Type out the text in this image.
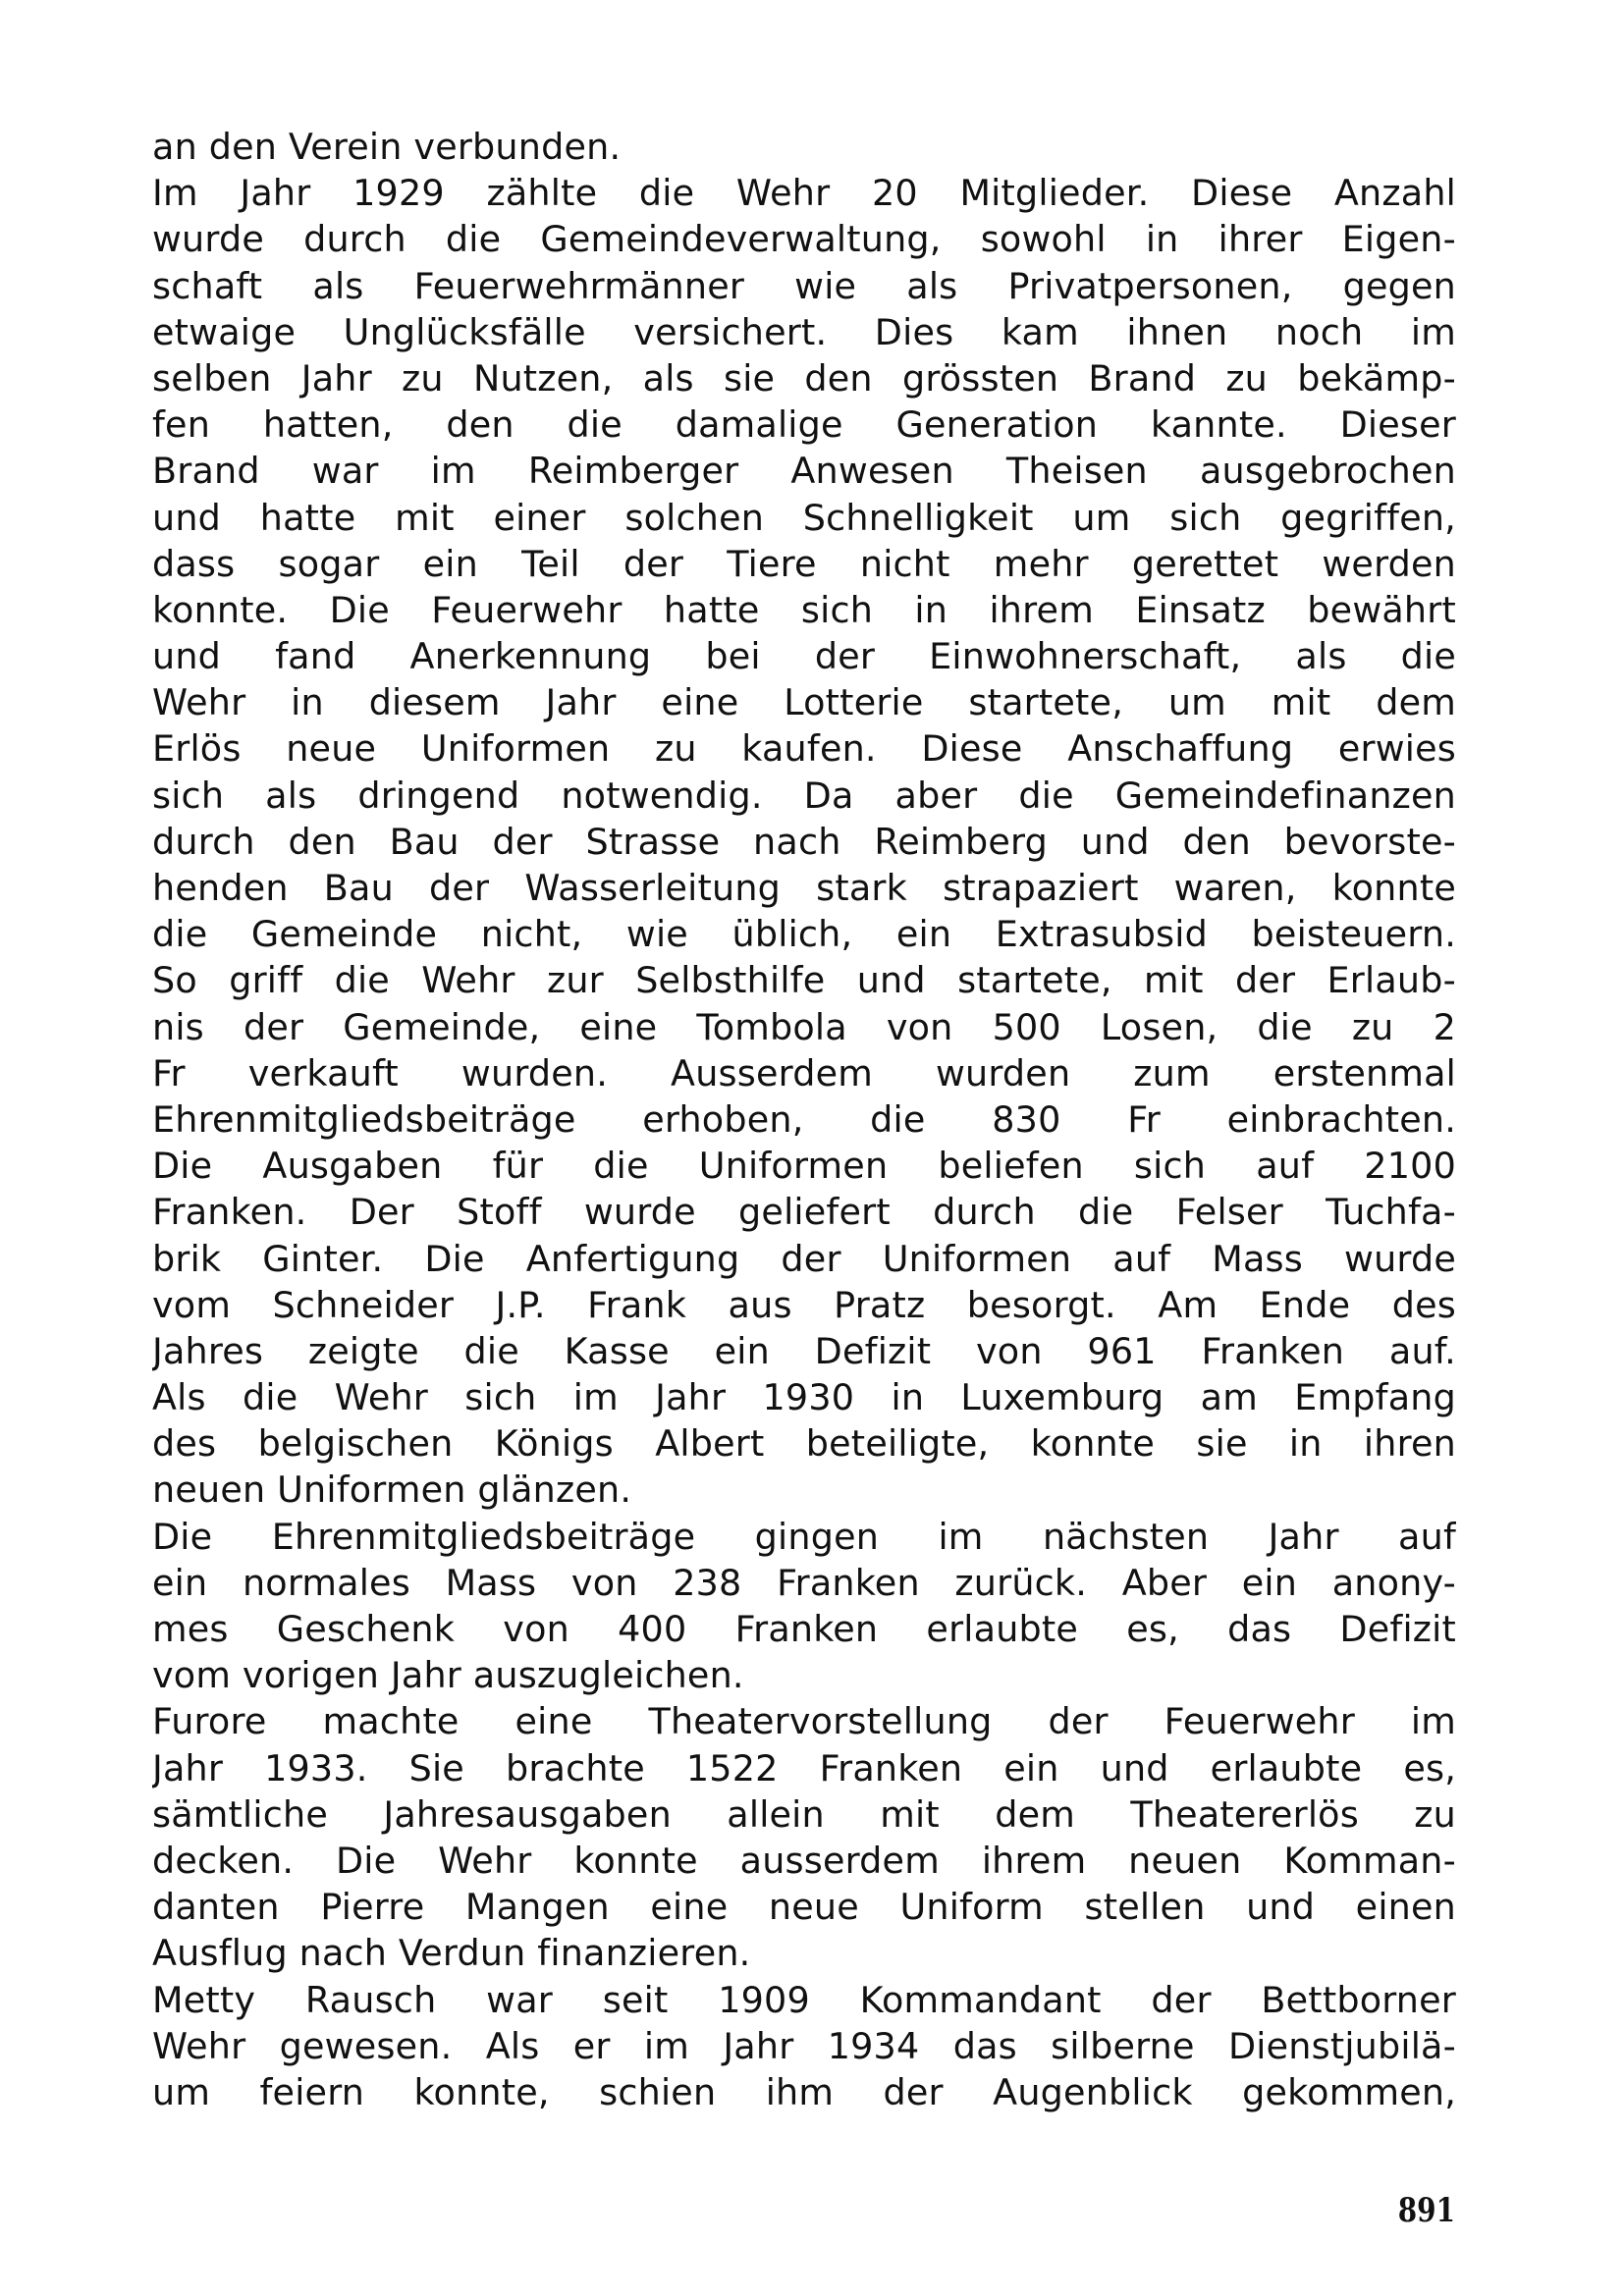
an den Verein verbunden.
Im Jahr 1929 zählte die Wehr 20 Mitglieder. Diese Anzahl
wurde durch die Gemeindeverwaltung, sowohl in ihrer Eigen-
schaft als Feuerwehrmänner wie als Privatpersonen, gegen
etwaige Unglücksfälle versichert. Dies kam ihnen noch im
selben Jahr zu Nutzen, als sie den grössten Brand zu bekämp-
fen hatten, den die damalige Generation kannte. Dieser
Brand war im Reimberger Anwesen Theisen ausgebrochen
und hatte mit einer solchen Schnelligkeit um sich gegriffen,
dass sogar ein Teil der Tiere nicht mehr gerettet werden
konnte. Die Feuerwehr hatte sich in ihrem Einsatz bewährt
und fand Anerkennung bei der Einwohnerschaft, als die
Wehr in diesem Jahr eine Lotterie startete, um mit dem
Erlös neue Uniformen zu kaufen. Diese Anschaffung erwies
sich als dringend notwendig. Da aber die Gemeindefinanzen
durch den Bau der Strasse nach Reimberg und den bevorste-
henden Bau der Wasserleitung stark strapaziert waren, konnte
die Gemeinde nicht, wie üblich, ein Extrasubsid beisteuern.
So griff die Wehr zur Selbsthilfe und startete, mit der Erlaub-
nis der Gemeinde, eine Tombola von 500 Losen, die zu 2
Fr verkauft wurden. Ausserdem wurden zum erstenmal
Ehrenmitgliedsbeiträge erhoben, die 830 Fr einbrachten.
Die Ausgaben für die Uniformen beliefen sich auf 2100
Franken. Der Stoff wurde geliefert durch die Felser Tuchfa-
brik Ginter. Die Anfertigung der Uniformen auf Mass wurde
vom Schneider J.P. Frank aus Pratz besorgt. Am Ende des
Jahres zeigte die Kasse ein Defizit von 961 Franken auf.
Als die Wehr sich im Jahr 1930 in Luxemburg am Empfang
des belgischen Königs Albert beteiligte, konnte sie in ihren
neuen Uniformen glänzen.
Die Ehrenmitgliedsbeiträge gingen im nächsten Jahr auf
ein normales Mass von 238 Franken zurück. Aber ein anony-
mes Geschenk von 400 Franken erlaubte es, das Defizit
vom vorigen Jahr auszugleichen.
Furore machte eine Theatervorstellung der Feuerwehr im
Jahr 1933. Sie brachte 1522 Franken ein und erlaubte es,
sämtliche Jahresausgaben allein mit dem Theatererlös zu
decken. Die Wehr konnte ausserdem ihrem neuen Komman-
danten Pierre Mangen eine neue Uniform stellen und einen
Ausflug nach Verdun finanzieren.
Metty Rausch war seit 1909 Kommandant der Bettborner
Wehr gewesen. Als er im Jahr 1934 das silberne Dienstjubilä-
um feiern konnte, schien ihm der Augenblick gekommen,
891
